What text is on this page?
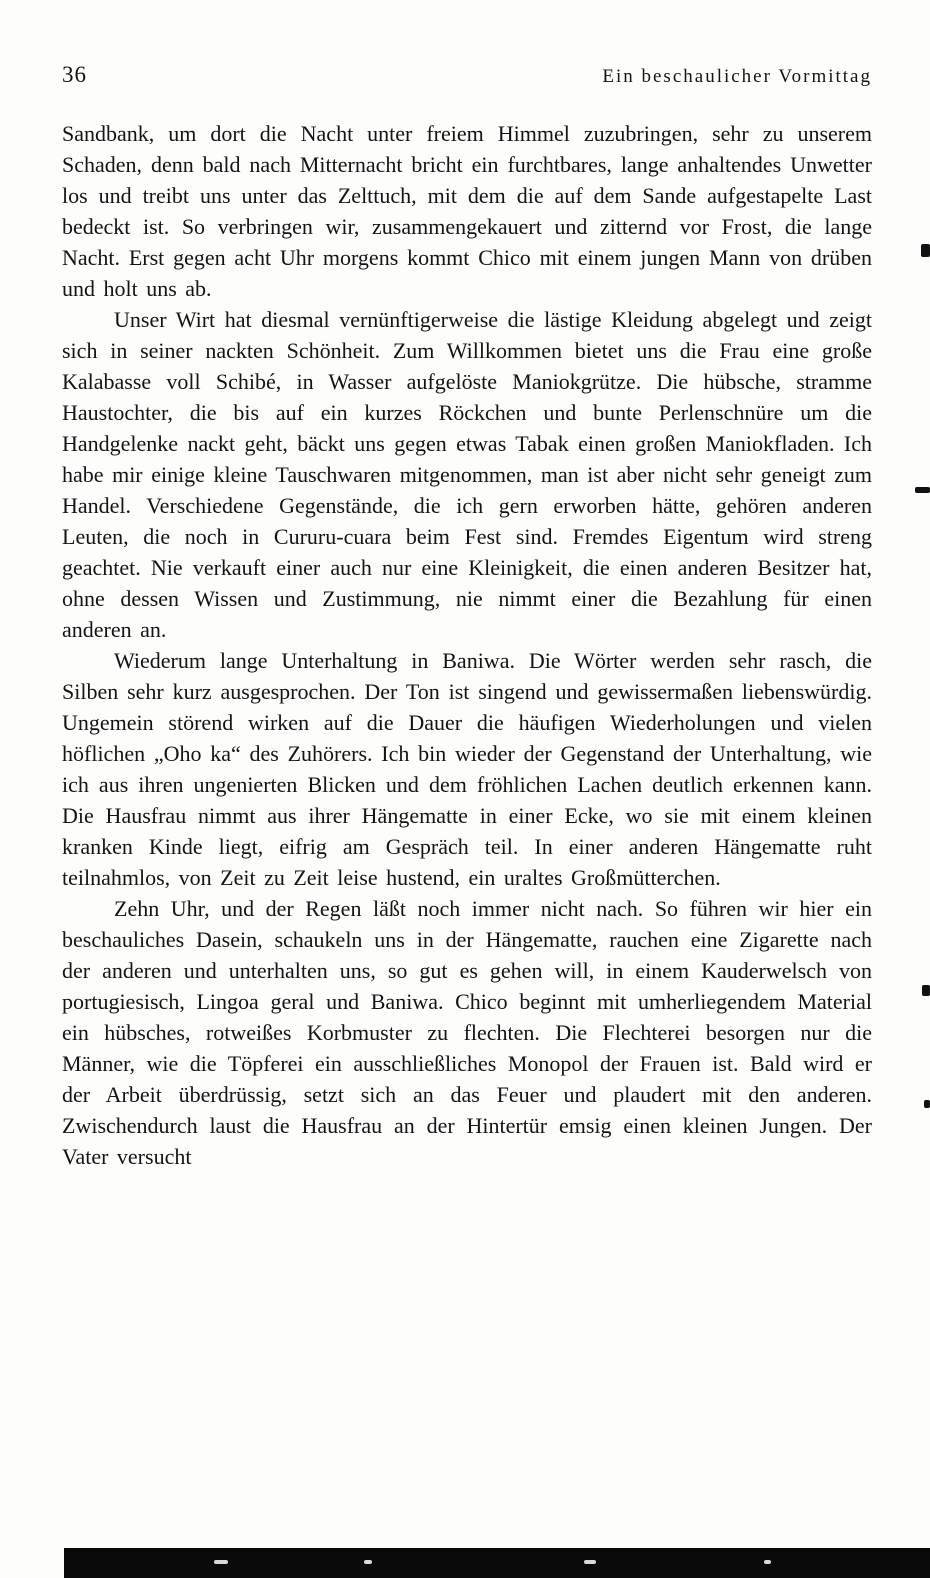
36	Ein beschaulicher Vormittag

Sandbank, um dort die Nacht unter freiem Himmel zuzubringen, sehr zu unserem Schaden, denn bald nach Mitternacht bricht ein furchtbares, lange anhaltendes Unwetter los und treibt uns unter das Zelttuch, mit dem die auf dem Sande aufgestapelte Last bedeckt ist. So verbringen wir, zusammengekauert und zitternd vor Frost, die lange Nacht. Erst gegen acht Uhr morgens kommt Chico mit einem jungen Mann von drüben und holt uns ab.

Unser Wirt hat diesmal vernünftigerweise die lästige Kleidung abgelegt und zeigt sich in seiner nackten Schönheit. Zum Willkommen bietet uns die Frau eine große Kalabasse voll Schibé, in Wasser aufgelöste Maniokgrütze. Die hübsche, stramme Haustochter, die bis auf ein kurzes Röckchen und bunte Perlenschnüre um die Handgelenke nackt geht, bäckt uns gegen etwas Tabak einen großen Maniokfladen. Ich habe mir einige kleine Tauschwaren mitgenommen, man ist aber nicht sehr geneigt zum Handel. Verschiedene Gegenstände, die ich gern erworben hätte, gehören anderen Leuten, die noch in Cururu-cuara beim Fest sind. Fremdes Eigentum wird streng geachtet. Nie verkauft einer auch nur eine Kleinigkeit, die einen anderen Besitzer hat, ohne dessen Wissen und Zustimmung, nie nimmt einer die Bezahlung für einen anderen an.

Wiederum lange Unterhaltung in Baniwa. Die Wörter werden sehr rasch, die Silben sehr kurz ausgesprochen. Der Ton ist singend und gewissermaßen liebenswürdig. Ungemein störend wirken auf die Dauer die häufigen Wiederholungen und vielen höflichen „Oho ka“ des Zuhörers. Ich bin wieder der Gegenstand der Unterhaltung, wie ich aus ihren ungenierten Blicken und dem fröhlichen Lachen deutlich erkennen kann. Die Hausfrau nimmt aus ihrer Hängematte in einer Ecke, wo sie mit einem kleinen kranken Kinde liegt, eifrig am Gespräch teil. In einer anderen Hängematte ruht teilnahmlos, von Zeit zu Zeit leise hustend, ein uraltes Großmütterchen.

Zehn Uhr, und der Regen läßt noch immer nicht nach. So führen wir hier ein beschauliches Dasein, schaukeln uns in der Hängematte, rauchen eine Zigarette nach der anderen und unterhalten uns, so gut es gehen will, in einem Kauderwelsch von portugiesisch, Lingoa geral und Baniwa. Chico beginnt mit umherliegendem Material ein hübsches, rotweißes Korbmuster zu flechten. Die Flechterei besorgen nur die Männer, wie die Töpferei ein ausschließliches Monopol der Frauen ist. Bald wird er der Arbeit überdrüssig, setzt sich an das Feuer und plaudert mit den anderen. Zwischendurch laust die Hausfrau an der Hintertür emsig einen kleinen Jungen. Der Vater versucht
